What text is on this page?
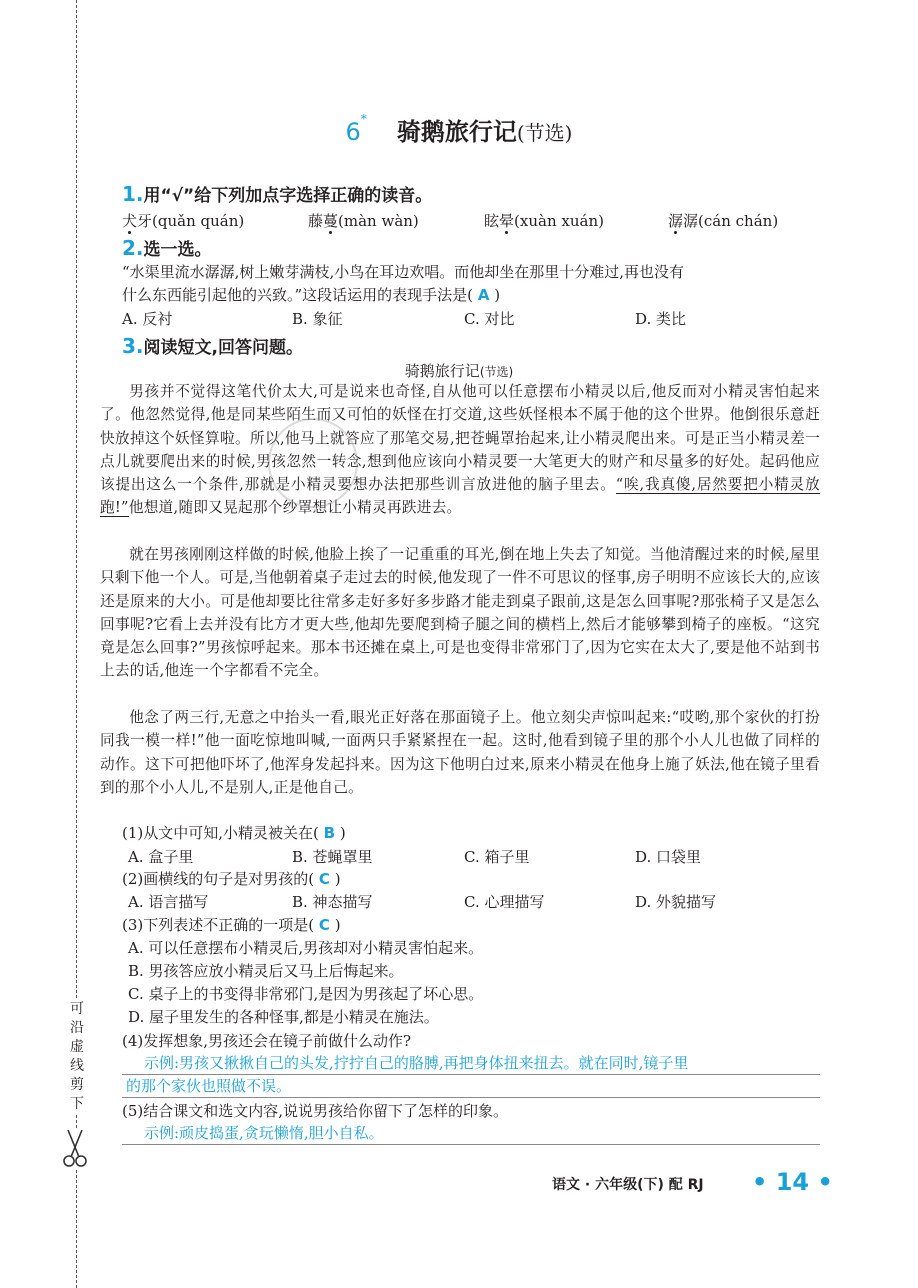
可沿虚线剪下
6* 骑鹅旅行记(节选)
1.用“√”给下列加点字选择正确的读音。
犬牙(quǎn quán)	藤蔓(màn wàn)	眩晕(xuàn xuán)	潺潺(cán chán)
2.选一选。
“水渠里流水潺潺,树上嫩芽满枝,小鸟在耳边欢唱。而他却坐在那里十分难过,再也没有
什么东西能引起他的兴致。”这段话运用的表现手法是( A )
A. 反衬	B. 象征	C. 对比	D. 类比
3.阅读短文,回答问题。
骑鹅旅行记(节选)
男孩并不觉得这笔代价太大,可是说来也奇怪,自从他可以任意摆布小精灵以后,他反而对小精灵害怕起来了。他忽然觉得,他是同某些陌生而又可怕的妖怪在打交道,这些妖怪根本不属于他的这个世界。他倒很乐意赶快放掉这个妖怪算啦。所以,他马上就答应了那笔交易,把苍蝇罩抬起来,让小精灵爬出来。可是正当小精灵差一点儿就要爬出来的时候,男孩忽然一转念,想到他应该向小精灵要一大笔更大的财产和尽量多的好处。起码他应该提出这么一个条件,那就是小精灵要想办法把那些训言放进他的脑子里去。“唉,我真傻,居然要把小精灵放跑!”他想道,随即又晃起那个纱罩想让小精灵再跌进去。
就在男孩刚刚这样做的时候,他脸上挨了一记重重的耳光,倒在地上失去了知觉。当他清醒过来的时候,屋里只剩下他一个人。可是,当他朝着桌子走过去的时候,他发现了一件不可思议的怪事,房子明明不应该长大的,应该还是原来的大小。可是他却要比往常多走好多好多步路才能走到桌子跟前,这是怎么回事呢?那张椅子又是怎么回事呢?它看上去并没有比方才更大些,他却先要爬到椅子腿之间的横档上,然后才能够攀到椅子的座板。“这究竟是怎么回事?”男孩惊呼起来。那本书还摊在桌上,可是也变得非常邪门了,因为它实在太大了,要是他不站到书上去的话,他连一个字都看不完全。
他念了两三行,无意之中抬头一看,眼光正好落在那面镜子上。他立刻尖声惊叫起来:“哎哟,那个家伙的打扮同我一模一样!”他一面吃惊地叫喊,一面两只手紧紧捏在一起。这时,他看到镜子里的那个小人儿也做了同样的动作。这下可把他吓坏了,他浑身发起抖来。因为这下他明白过来,原来小精灵在他身上施了妖法,他在镜子里看到的那个小人儿,不是别人,正是他自己。
(1)从文中可知,小精灵被关在( B )
A. 盒子里	B. 苍蝇罩里	C. 箱子里	D. 口袋里
(2)画横线的句子是对男孩的( C )
A. 语言描写	B. 神态描写	C. 心理描写	D. 外貌描写
(3)下列表述不正确的一项是( C )
A. 可以任意摆布小精灵后,男孩却对小精灵害怕起来。
B. 男孩答应放小精灵后又马上后悔起来。
C. 桌子上的书变得非常邪门,是因为男孩起了坏心思。
D. 屋子里发生的各种怪事,都是小精灵在施法。
(4)发挥想象,男孩还会在镜子前做什么动作?
示例:男孩又揪揪自己的头发,拧拧自己的胳膊,再把身体扭来扭去。就在同时,镜子里
的那个家伙也照做不误。
(5)结合课文和选文内容,说说男孩给你留下了怎样的印象。
示例:顽皮捣蛋,贪玩懒惰,胆小自私。
语文 · 六年级(下) 配 RJ • 14 •
